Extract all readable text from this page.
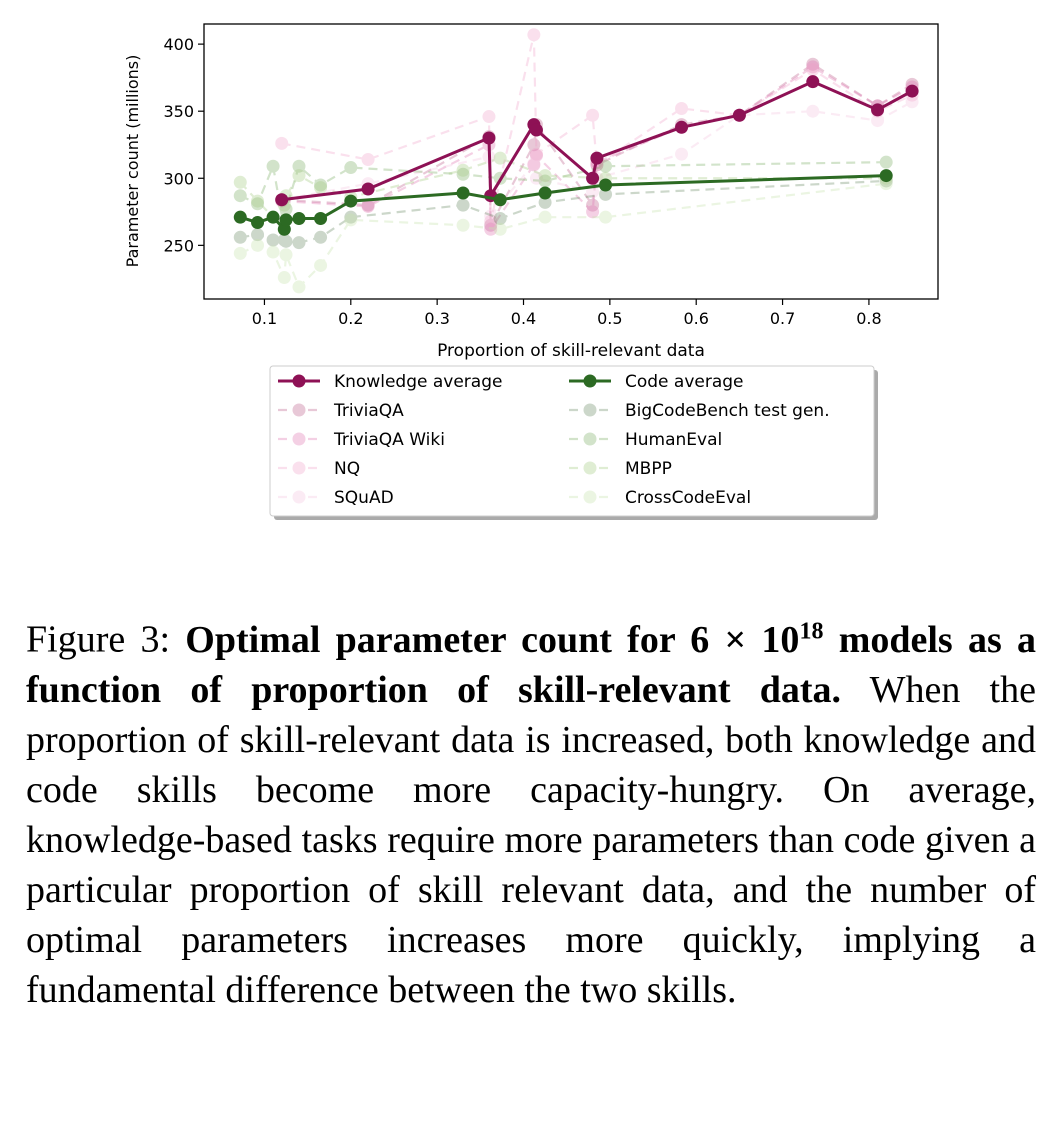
0.1	0.2	0.3	0.4	0.5	0.6	0.7	0.8
250
300
350
400
Proportion of skill-relevant data
Parameter count (millions)
Knowledge average
TriviaQA
TriviaQA Wiki
NQ
SQuAD
Code average
BigCodeBench test gen.
HumanEval
MBPP
CrossCodeEval

Figure 3: Optimal parameter count for $6 \times 10^{18}$ models as a function of proportion of skill-relevant data. When the proportion of skill-relevant data is increased, both knowledge and code skills become more capacity-hungry. On average, knowledge-based tasks require more parameters than code given a particular proportion of skill relevant data, and the number of optimal parameters increases more quickly, implying a fundamental difference between the two skills.
